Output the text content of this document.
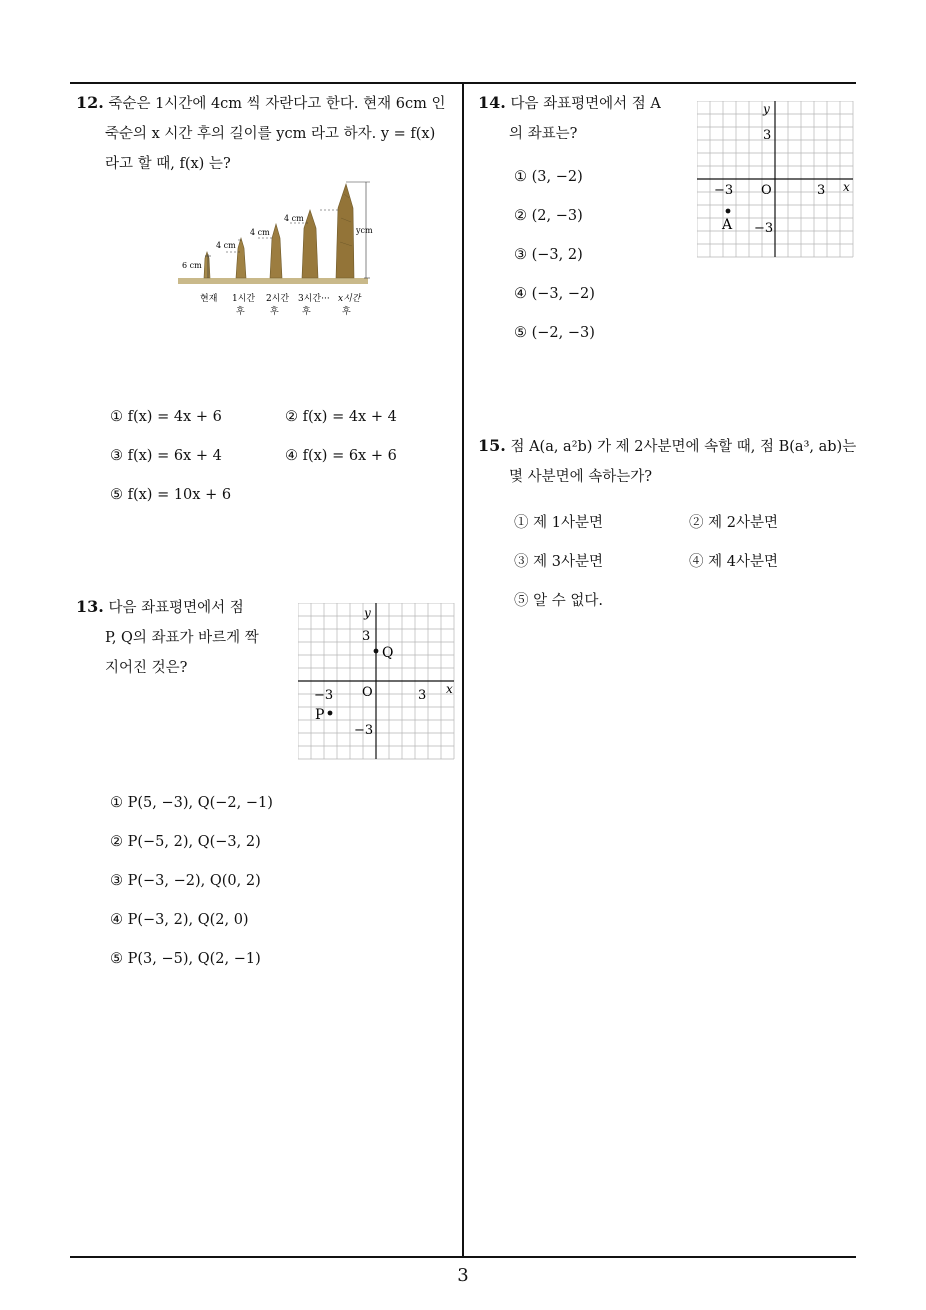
12. 죽순은 1시간에 4cm 씩 자란다고 한다. 현재 6cm 인
죽순의 x 시간 후의 길이를 ycm 라고 하자. y = f(x)
라고 할 때, f(x) 는?
6 cm
4 cm
4 cm
4 cm
ycm
현재 1시간 2시간 3시간··· x시간
후	후	후	후
① f(x) = 4x + 6	② f(x) = 4x + 4
③ f(x) = 6x + 4	④ f(x) = 6x + 6
⑤ f(x) = 10x + 6
13. 다음 좌표평면에서 점
P, Q의 좌표가 바르게 짝
지어진 것은?
x
y
O
3
−3
3
−3
Q
P
① P(5, −3), Q(−2, −1)
② P(−5, 2), Q(−3, 2)
③ P(−3, −2), Q(0, 2)
④ P(−3, 2), Q(2, 0)
⑤ P(3, −5), Q(2, −1)
14. 다음 좌표평면에서 점 A
의 좌표는?
x
y
O
3
−3
3
−3
A
① (3, −2)
② (2, −3)
③ (−3, 2)
④ (−3, −2)
⑤ (−2, −3)
15. 점 A(a, a²b) 가 제 2사분면에 속할 때, 점 B(a³, ab)는
몇 사분면에 속하는가?
① 제 1사분면	② 제 2사분면
③ 제 3사분면	④ 제 4사분면
⑤ 알 수 없다.
3
